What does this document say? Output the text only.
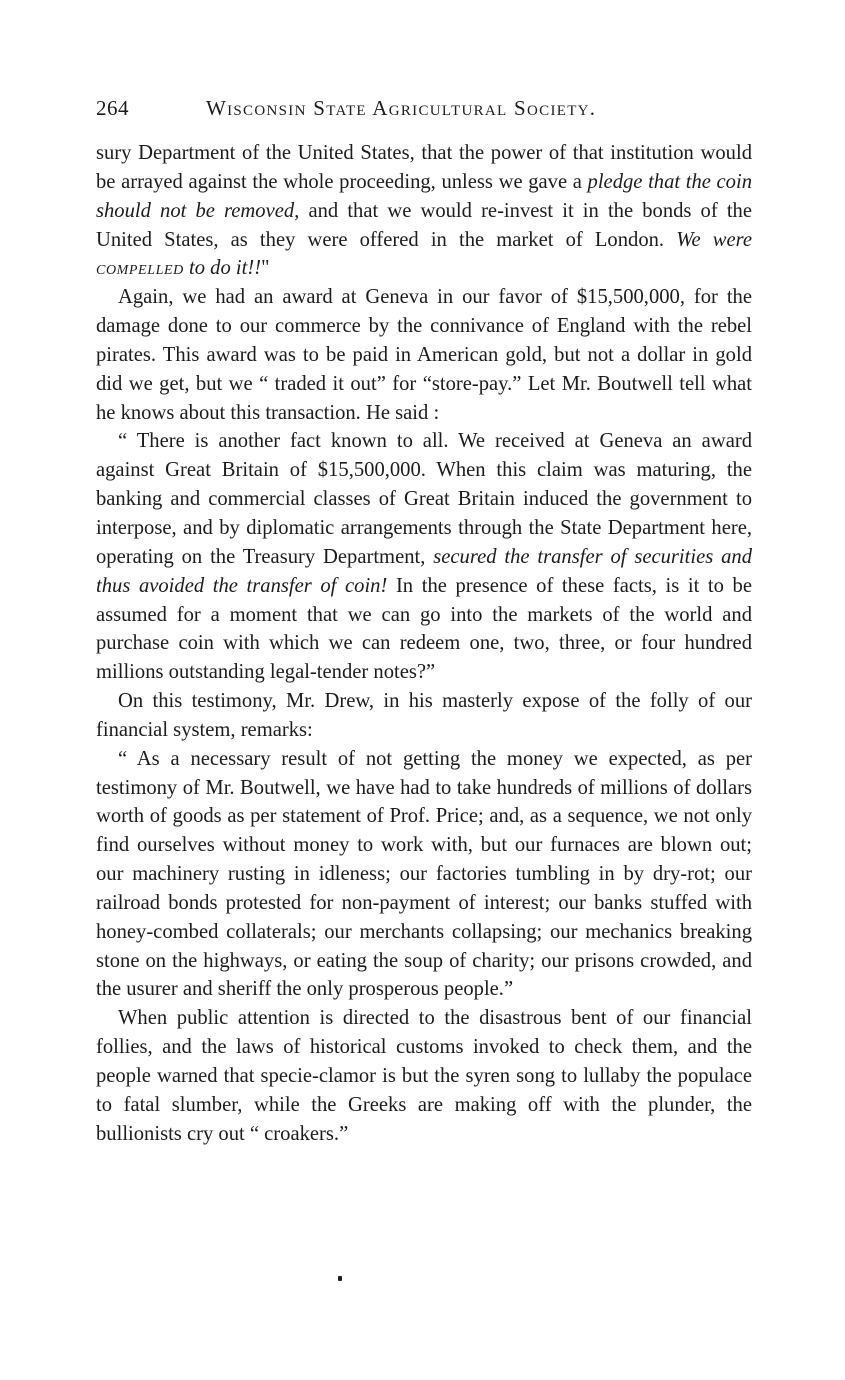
264	Wisconsin State Agricultural Society.

sury Department of the United States, that the power of that institution would be arrayed against the whole proceeding, unless we gave a pledge that the coin should not be removed, and that we would re-invest it in the bonds of the United States, as they were offered in the market of London. We were compelled to do it!!"

Again, we had an award at Geneva in our favor of $15,500,000, for the damage done to our commerce by the connivance of England with the rebel pirates. This award was to be paid in American gold, but not a dollar in gold did we get, but we “ traded it out” for “store-pay.” Let Mr. Boutwell tell what he knows about this transaction. He said :

“ There is another fact known to all. We received at Geneva an award against Great Britain of $15,500,000. When this claim was maturing, the banking and commercial classes of Great Britain induced the government to interpose, and by diplomatic arrangements through the State Department here, operating on the Treasury Department, secured the transfer of securities and thus avoided the transfer of coin! In the presence of these facts, is it to be assumed for a moment that we can go into the markets of the world and purchase coin with which we can redeem one, two, three, or four hundred millions outstanding legal-tender notes?”

On this testimony, Mr. Drew, in his masterly expose of the folly of our financial system, remarks:

“ As a necessary result of not getting the money we expected, as per testimony of Mr. Boutwell, we have had to take hundreds of millions of dollars worth of goods as per statement of Prof. Price; and, as a sequence, we not only find ourselves without money to work with, but our furnaces are blown out; our machinery rusting in idleness; our factories tumbling in by dry-rot; our railroad bonds protested for non-payment of interest; our banks stuffed with honey-combed collaterals; our merchants collapsing; our mechanics breaking stone on the highways, or eating the soup of charity; our prisons crowded, and the usurer and sheriff the only prosperous people.”

When public attention is directed to the disastrous bent of our financial follies, and the laws of historical customs invoked to check them, and the people warned that specie-clamor is but the syren song to lullaby the populace to fatal slumber, while the Greeks are making off with the plunder, the bullionists cry out “ croakers.”
